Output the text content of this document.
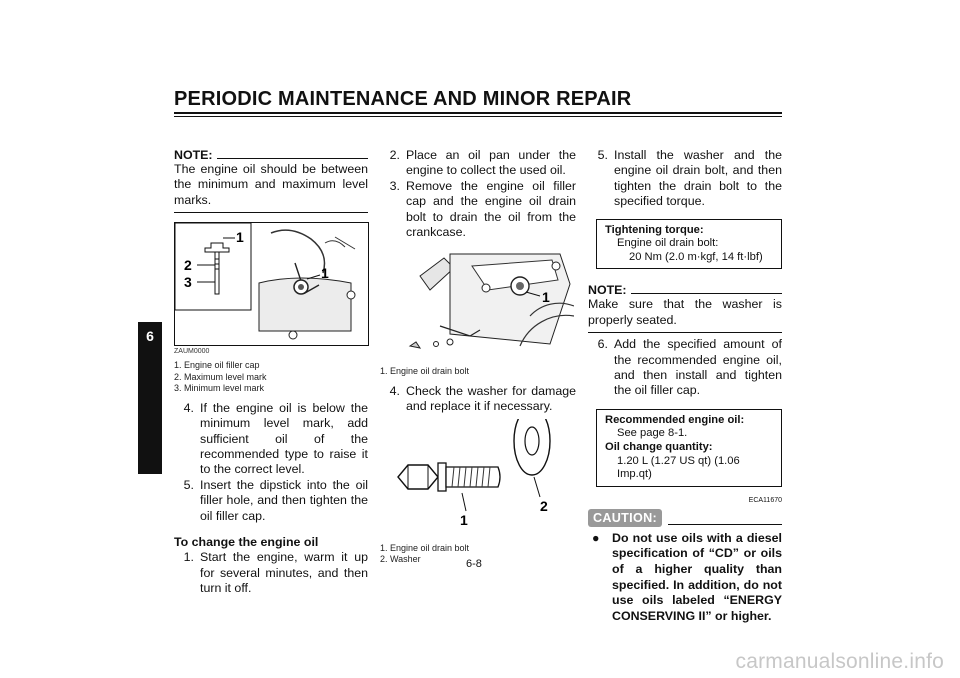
PERIODIC MAINTENANCE AND MINOR REPAIR
6
NOTE:

The engine oil should be between the minimum and maximum level marks.

1
2
3
1
ZAUM0000
1. Engine oil filler cap
2. Maximum level mark
3. Minimum level mark
4. If the engine oil is below the minimum level mark, add sufficient oil of the recommended type to raise it to the correct level.
5. Insert the dipstick into the oil filler hole, and then tighten the oil filler cap.

To change the engine oil

1. Start the engine, warm it up for several minutes, and then turn it off.
2. Place an oil pan under the engine to collect the used oil.
3. Remove the engine oil filler cap and the engine oil drain bolt to drain the oil from the crankcase.
1
1. Engine oil drain bolt
4. Check the washer for damage and replace it if necessary.
1
2
1. Engine oil drain bolt
2. Washer
5. Install the washer and the engine oil drain bolt, and then tighten the drain bolt to the specified torque.
Tightening torque:
Engine oil drain bolt:
20 Nm (2.0 m·kgf, 14 ft·lbf)
NOTE:

Make sure that the washer is properly seated.

6. Add the specified amount of the recommended engine oil, and then install and tighten the oil filler cap.
Recommended engine oil:
See page 8-1.
Oil change quantity:
1.20 L (1.27 US qt) (1.06 Imp.qt)
ECA11670
CAUTION:
●	Do not use oils with a diesel specification of “CD” or oils of a higher quality than specified. In addition, do not use oils labeled “ENERGY CONSERVING II” or higher.
6-8
carmanualsonline.info
